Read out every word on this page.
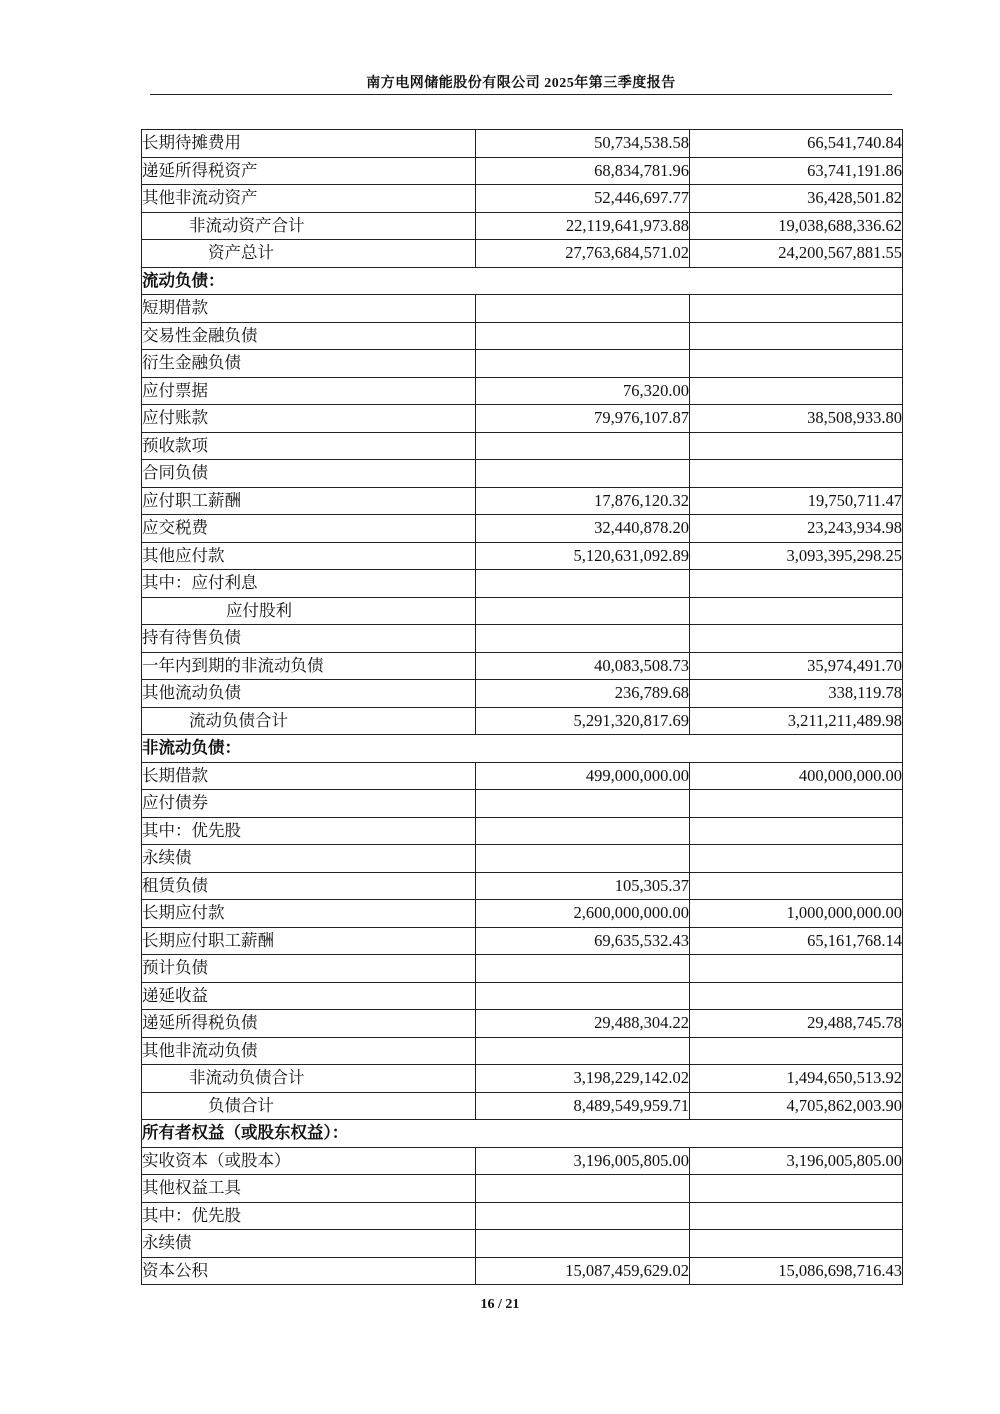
南方电网储能股份有限公司 2025年第三季度报告
长期待摊费用	50,734,538.58	66,541,740.84
递延所得税资产	68,834,781.96	63,741,191.86
其他非流动资产	52,446,697.77	36,428,501.82
非流动资产合计	22,119,641,973.88	19,038,688,336.62
资产总计	27,763,684,571.02	24,200,567,881.55
流动负债：		
短期借款		
交易性金融负债		
衍生金融负债		
应付票据	76,320.00	
应付账款	79,976,107.87	38,508,933.80
预收款项		
合同负债		
应付职工薪酬	17,876,120.32	19,750,711.47
应交税费	32,440,878.20	23,243,934.98
其他应付款	5,120,631,092.89	3,093,395,298.25
其中：应付利息		
应付股利		
持有待售负债		
一年内到期的非流动负债	40,083,508.73	35,974,491.70
其他流动负债	236,789.68	338,119.78
流动负债合计	5,291,320,817.69	3,211,211,489.98
非流动负债：		
长期借款	499,000,000.00	400,000,000.00
应付债券		
其中：优先股		
永续债		
租赁负债	105,305.37	
长期应付款	2,600,000,000.00	1,000,000,000.00
长期应付职工薪酬	69,635,532.43	65,161,768.14
预计负债		
递延收益		
递延所得税负债	29,488,304.22	29,488,745.78
其他非流动负债		
非流动负债合计	3,198,229,142.02	1,494,650,513.92
负债合计	8,489,549,959.71	4,705,862,003.90
所有者权益（或股东权益）：		
实收资本（或股本）	3,196,005,805.00	3,196,005,805.00
其他权益工具		
其中：优先股		
永续债		
资本公积	15,087,459,629.02	15,086,698,716.43
16 / 21
